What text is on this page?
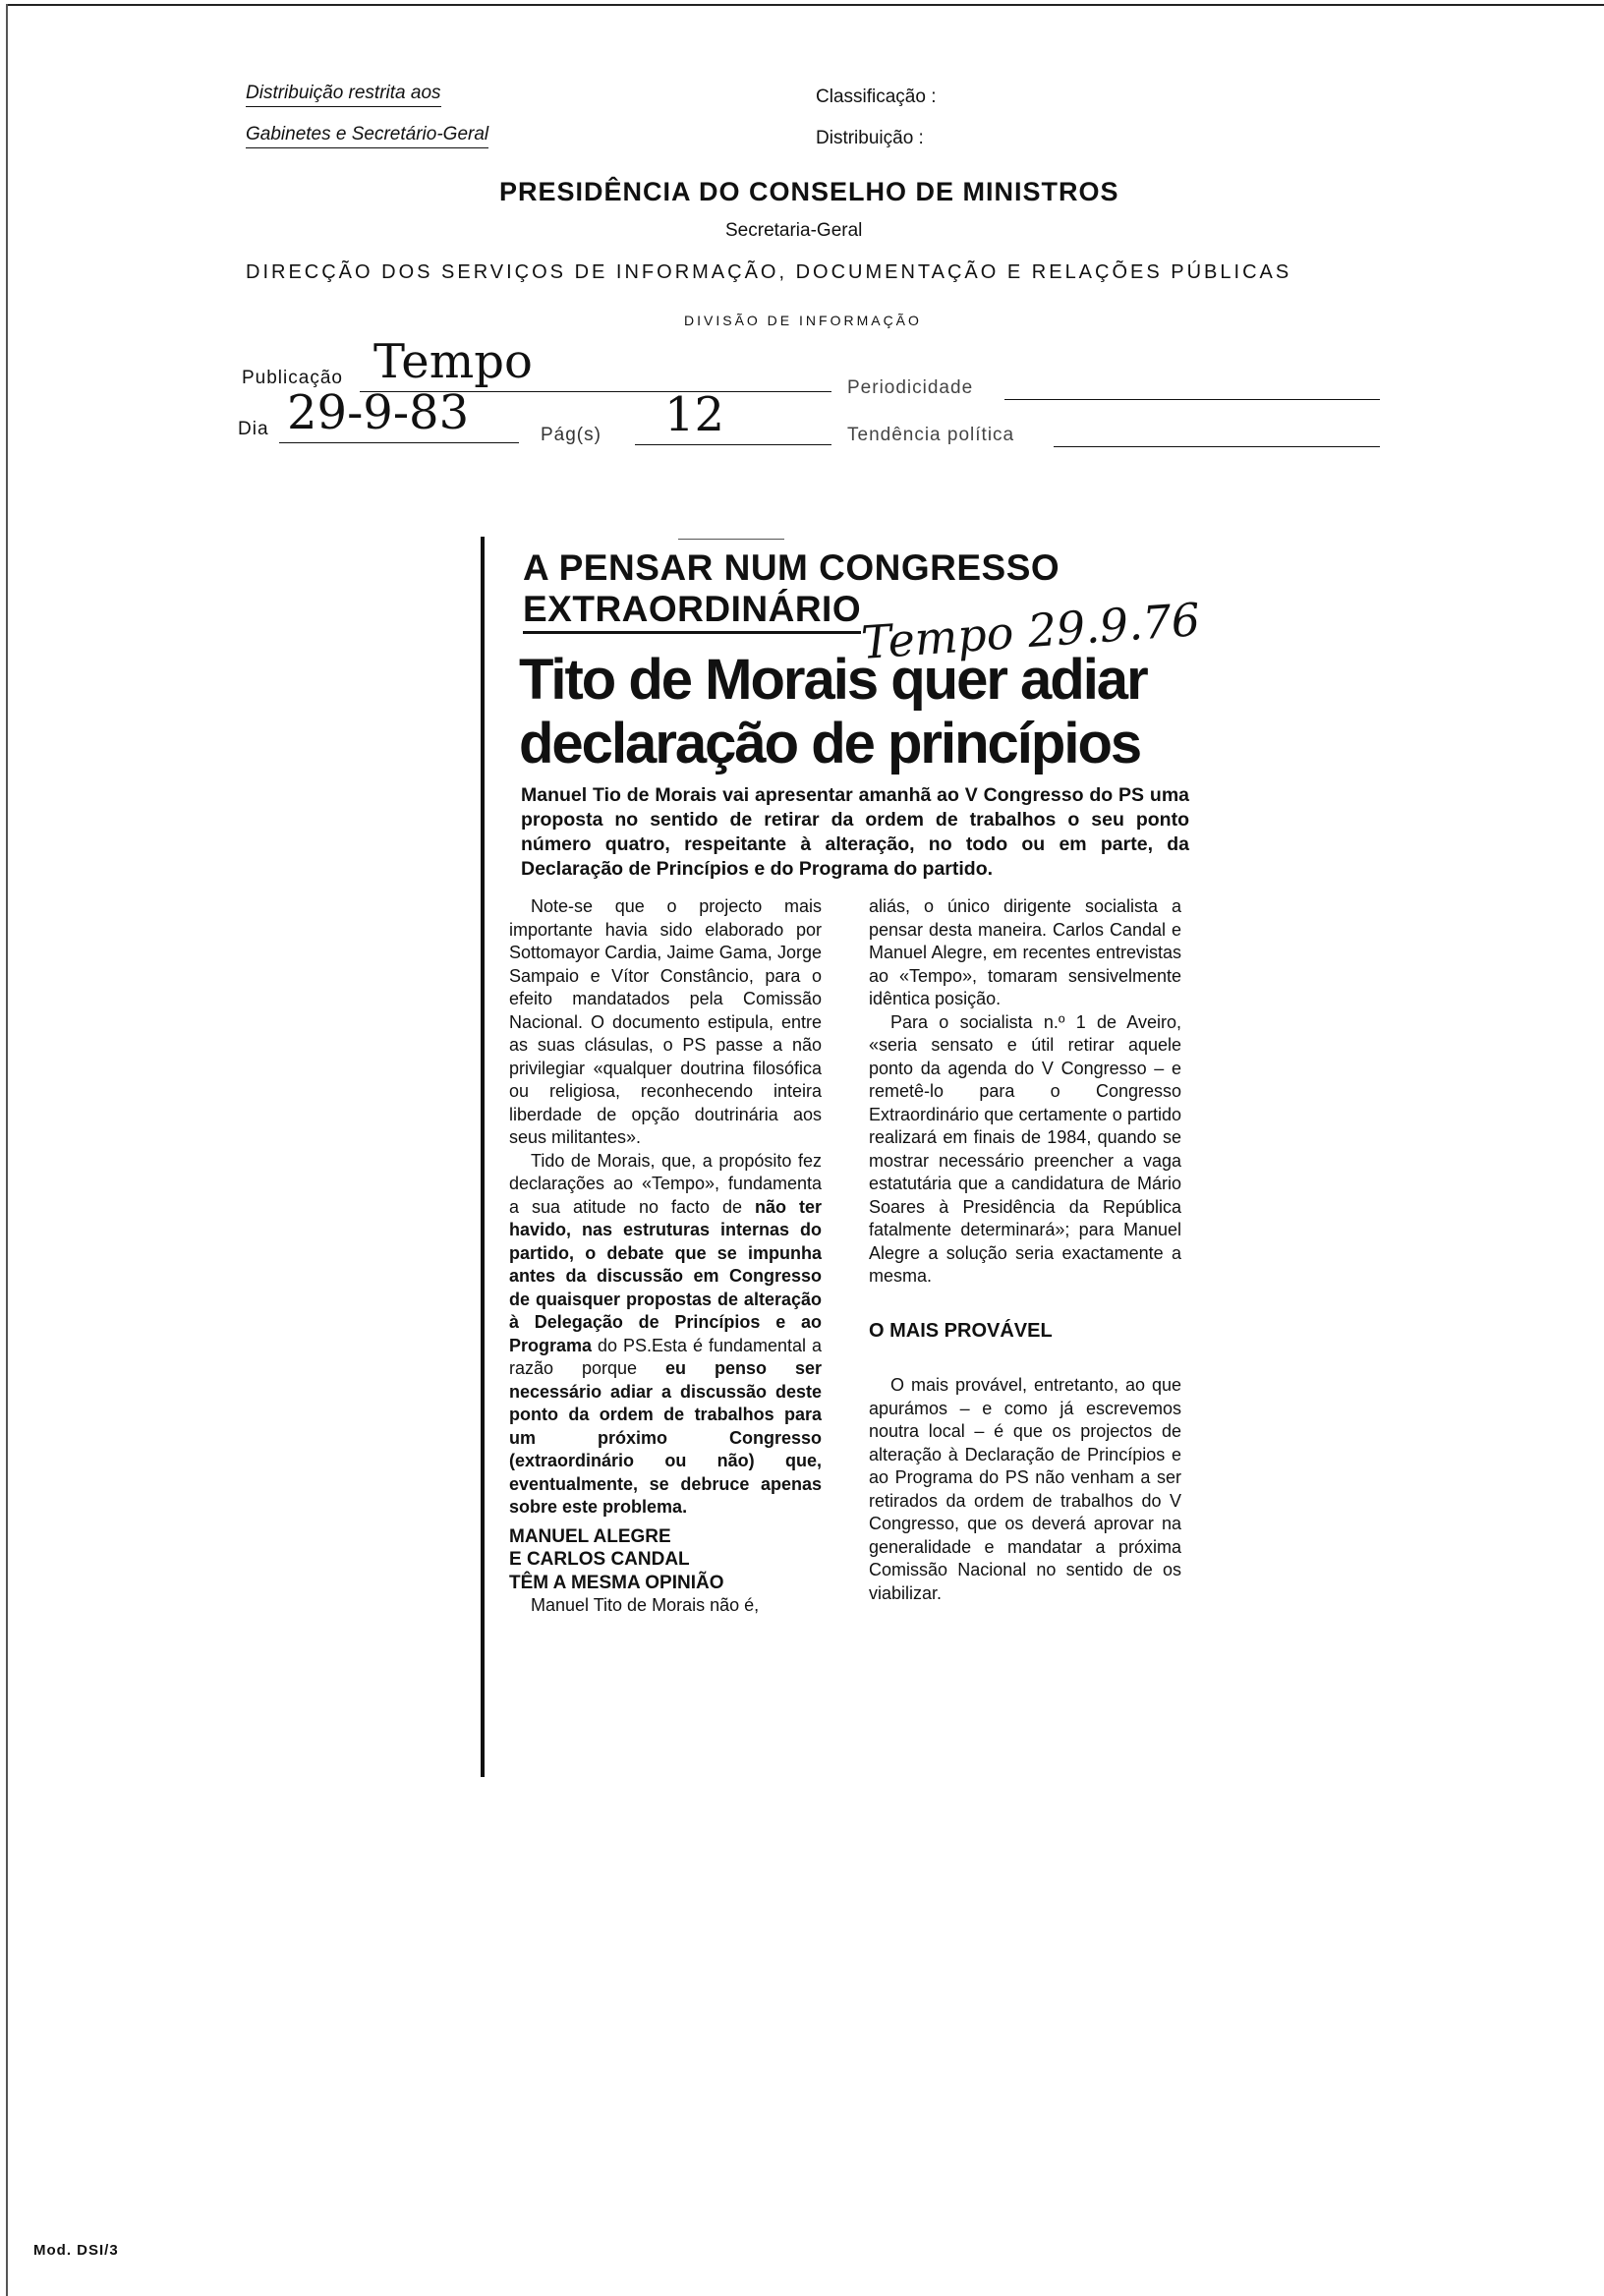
Distribuição restrita aos
Gabinetes e Secretário-Geral
Classificação :
Distribuição :
PRESIDÊNCIA DO CONSELHO DE MINISTROS
Secretaria-Geral
DIRECÇÃO DOS SERVIÇOS DE INFORMAÇÃO, DOCUMENTAÇÃO E RELAÇÕES PÚBLICAS
DIVISÃO DE INFORMAÇÃO
Publicação Tempo	Periodicidade
Dia 29-9-83	Pág(s) 12	Tendência política
A PENSAR NUM CONGRESSO
EXTRAORDINÁRIO
Tempo 29.9.76
Tito de Morais quer adiar
declaração de princípios

Manuel Tio de Morais vai apresentar amanhã ao V Congresso do PS uma proposta no sentido de retirar da ordem de trabalhos o seu ponto número quatro, respeitante à alteração, no todo ou em parte, da Declaração de Princípios e do Programa do partido.

Note-se que o projecto mais importante havia sido elaborado por Sottomayor Cardia, Jaime Gama, Jorge Sampaio e Vítor Constâncio, para o efeito mandatados pela Comissão Nacional. O documento estipula, entre as suas clásulas, o PS passe a não privilegiar «qualquer doutrina filosófica ou religiosa, reconhecendo inteira liberdade de opção doutrinária aos seus militantes».

Tido de Morais, que, a propósito fez declarações ao «Tempo», fundamenta a sua atitude no facto de não ter havido, nas estruturas internas do partido, o debate que se impunha antes da discussão em Congresso de quaisquer propostas de alteração à Delegação de Princípios e ao Programa do PS.Esta é fundamental a razão porque eu penso ser necessário adiar a discussão deste ponto da ordem de trabalhos para um próximo Congresso (extraordinário ou não) que, eventualmente, se debruce apenas sobre este problema.

MANUEL ALEGRE

E CARLOS CANDAL

TÊM A MESMA OPINIÃO

Manuel Tito de Morais não é,

aliás, o único dirigente socialista a pensar desta maneira. Carlos Candal e Manuel Alegre, em recentes entrevistas ao «Tempo», tomaram sensivelmente idêntica posição.

Para o socialista n.º 1 de Aveiro, «seria sensato e útil retirar aquele ponto da agenda do V Congresso – e remetê-lo para o Congresso Extraordinário que certamente o partido realizará em finais de 1984, quando se mostrar necessário preencher a vaga estatutária que a candidatura de Mário Soares à Presidência da República fatalmente determinará»; para Manuel Alegre a solução seria exactamente a mesma.

O MAIS PROVÁVEL

O mais provável, entretanto, ao que apurámos – e como já escrevemos noutra local – é que os projectos de alteração à Declaração de Princípios e ao Programa do PS não venham a ser retirados da ordem de trabalhos do V Congresso, que os deverá aprovar na generalidade e mandatar a próxima Comissão Nacional no sentido de os viabilizar.

Mod. DSI/3
